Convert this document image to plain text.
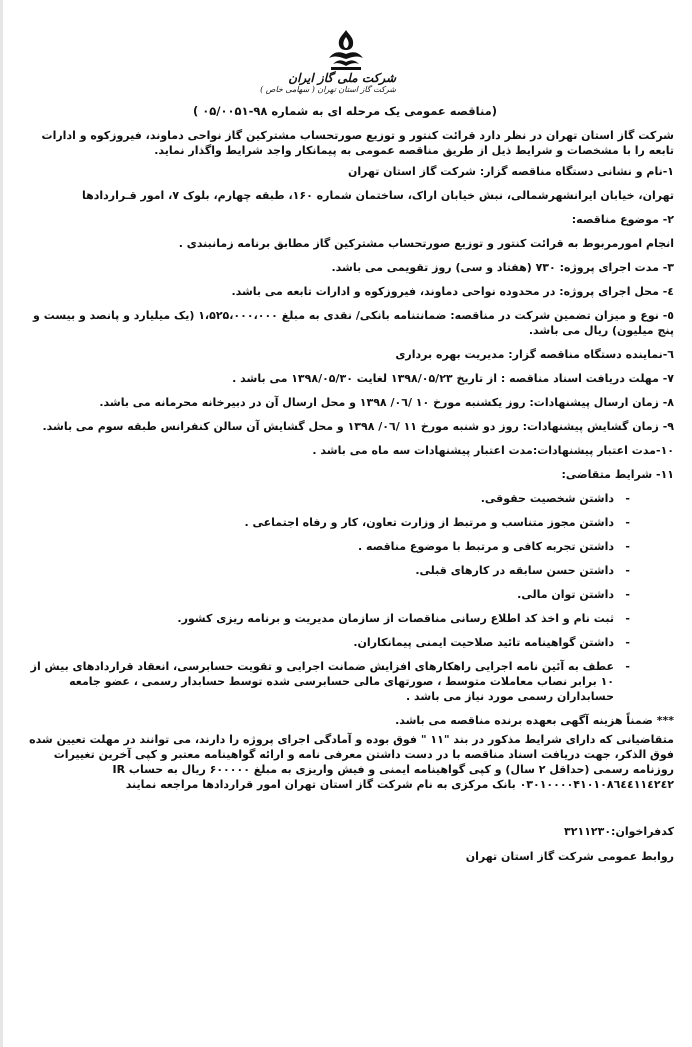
شرکت ملی گاز ایران
شرکت گاز استان تهران ( سهامی خاص )
(مناقصه عمومی یک مرحله ای به شماره ۹۸-۰۵/۰۰۵۱ )

شرکت گاز استان تهران در نظر دارد قرائت کنتور و توزیع صورتحساب مشترکین گاز نواحی دماوند، فیروزکوه و ادارات تابعه را با مشخصات و شرایط ذیل از طریق مناقصه عمومی به پیمانکار واجد شرایط واگذار نماید.

۱-نام و نشانی دستگاه مناقصه گزار: شرکت گاز استان تهران

تهران، خیابان ایرانشهرشمالی، نبش خیابان اراک، ساختمان شماره ۱۶۰، طبقه چهارم، بلوک ۷، امور قـراردادها

۲- موضوع مناقصه:

انجام امورمربوط به قرائت کنتور و توزیع صورتحساب مشترکین گاز مطابق برنامه زمانبندی .

۳- مدت اجرای پروژه: ۷۳۰ (هفتاد و سی) روز تقویمی می باشد.

٤- محل اجرای پروژه: در محدوده نواحی دماوند، فیروزکوه و ادارات تابعه می باشد.

٥- نوع و میزان تضمین شرکت در مناقصه: ضمانتنامه بانکی/ نقدی به مبلغ ۱،۵۲۵،۰۰۰،۰۰۰ (یک میلیارد و پانصد و بیست و پنج میلیون) ریال می باشد.

٦-نماینده دستگاه مناقصه گزار: مدیریت بهره برداری

۷- مهلت دریافت اسناد مناقصه : از تاریخ ۱۳۹۸/۰۵/۲۳ لغایت ۱۳۹۸/۰۵/۳۰ می باشد .

۸- زمان ارسال پیشنهادات: روز یکشنبه مورخ ۱۰ /۰٦/ ۱۳۹۸ و محل ارسال آن در دبیرخانه محرمانه می باشد.

۹- زمان گشایش پیشنهادات: روز دو شنبه مورخ ۱۱ /۰٦/ ۱۳۹۸ و محل گشایش آن سالن کنفرانس طبقه سوم می باشد.

۱۰-مدت اعتبار پیشنهادات:مدت اعتبار پیشنهادات سه ماه می باشد .

۱۱- شرایط متقاضی:

- داشتن شخصیت حقوقی.
- داشتن مجوز متناسب و مرتبط از وزارت تعاون، کار و رفاه اجتماعی .
- داشتن تجربه کافی و مرتبط با موضوع مناقصه .
- داشتن حسن سابقه در کارهای قبلی.
- داشتن توان مالی.
- ثبت نام و اخذ کد اطلاع رسانی مناقصات از سازمان مدیریت و برنامه ریزی کشور.
- داشتن گواهینامه تائید صلاحیت ایمنی پیمانکاران.
- عطف به آئین نامه اجرایی راهکارهای افزایش ضمانت اجرایی و تقویت حسابرسی، انعقاد قراردادهای بیش از ۱۰ برابر نصاب معاملات متوسط ، صورتهای مالی حسابرسی شده توسط حسابدار رسمی ، عضو جامعه حسابداران رسمی مورد نیاز می باشد .

*** ضمناً هزینه آگهی بعهده برنده مناقصه می باشد.

متقاضیانی که دارای شرایط مذکور در بند "۱۱ " فوق بوده و آمادگی اجرای پروژه را دارند، می توانند در مهلت تعیین شده فوق الذکر، جهت دریافت اسناد مناقصه با در دست داشتن معرفی نامه و ارائه گواهینامه معتبر و کپی آخرین تغییرات روزنامه رسمی (حداقل ۲ سال) و کپی گواهینامه ایمنی و فیش واریزی به مبلغ ۶۰۰۰۰۰ ریال به حساب IR ۰۳۰۱۰۰۰۰۴۱۰۱۰۸٦٤٤۱۱٤۲٤۲ بانک مرکزی به نام شرکت گاز استان تهران امور قراردادها مراجعه نمایند

کدفراخوان:۳۲۱۱۲۳۰

روابط عمومی شرکت گاز استان تهران
